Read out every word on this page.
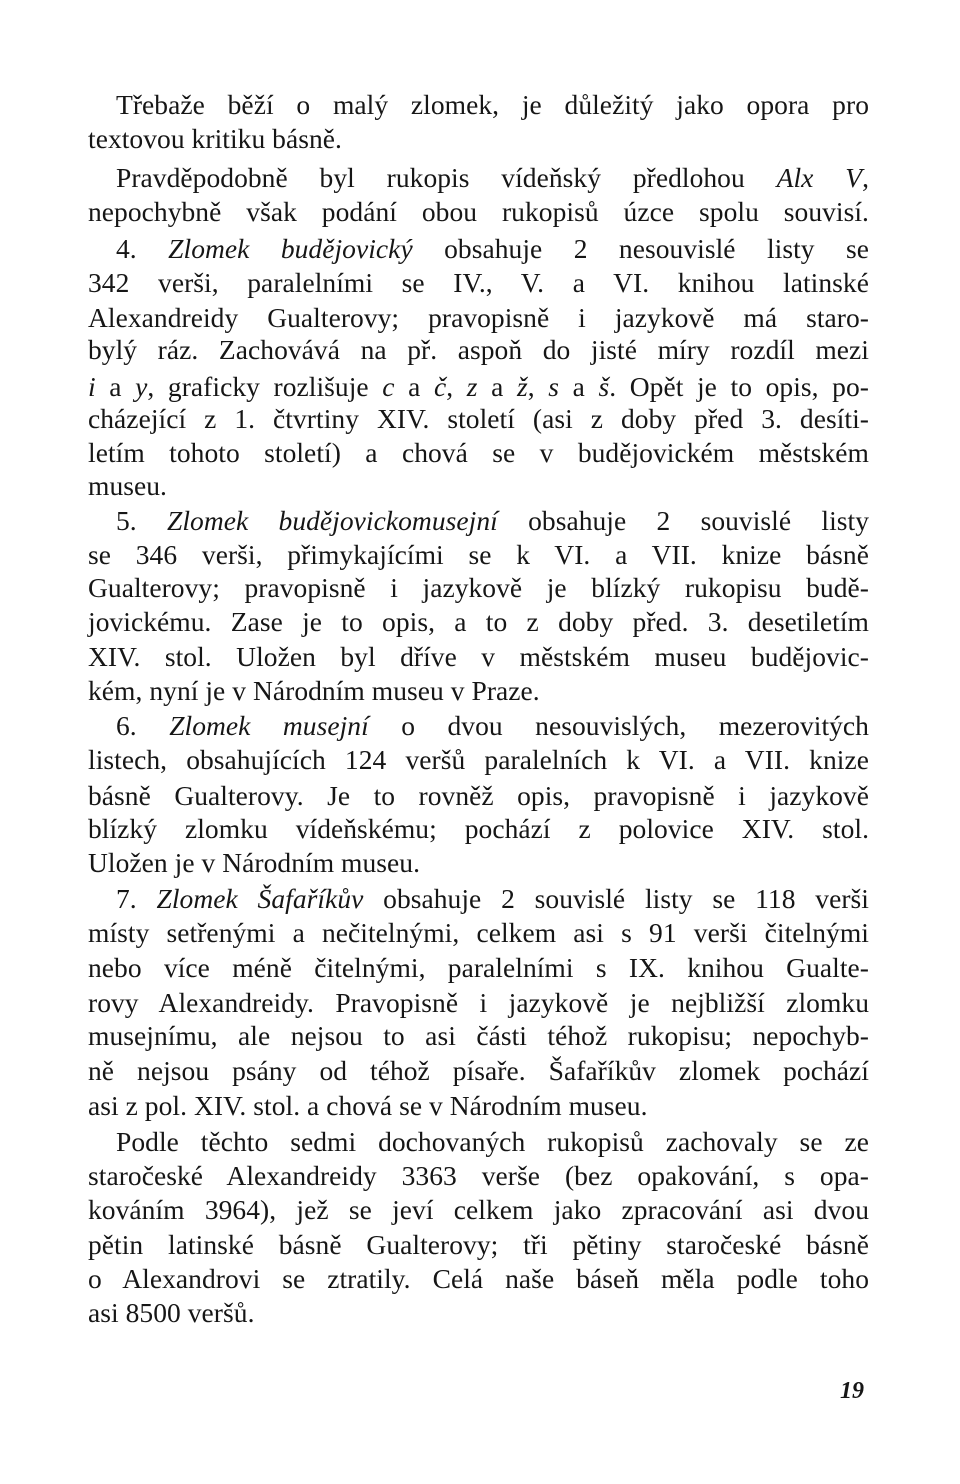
Třebaže běží o malý zlomek, je důležitý jako opora pro
textovou kritiku básně.
Pravděpodobně byl rukopis vídeňský předlohou Alx V,
nepochybně však podání obou rukopisů úzce spolu souvisí.
4. Zlomek budějovický obsahuje 2 nesouvislé listy se
342 verši, paralelními se IV., V. a VI. knihou latinské
Alexandreidy Gualterovy; pravopisně i jazykově má staro-
bylý ráz. Zachovává na př. aspoň do jisté míry rozdíl mezi
i a y, graficky rozlišuje c a č, z a ž, s a š. Opět je to opis, po-
cházející z 1. čtvrtiny XIV. století (asi z doby před 3. desíti-
letím tohoto století) a chová se v budějovickém městském
museu.
5. Zlomek budějovickomusejní obsahuje 2 souvislé listy
se 346 verši, přimykajícími se k VI. a VII. knize básně
Gualterovy; pravopisně i jazykově je blízký rukopisu budě-
jovickému. Zase je to opis, a to z doby před. 3. desetiletím
XIV. stol. Uložen byl dříve v městském museu budějovic-
kém, nyní je v Národním museu v Praze.
6. Zlomek musejní o dvou nesouvislých, mezerovitých
listech, obsahujících 124 veršů paralelních k VI. a VII. knize
básně Gualterovy. Je to rovněž opis, pravopisně i jazykově
blízký zlomku vídeňskému; pochází z polovice XIV. stol.
Uložen je v Národním museu.
7. Zlomek Šafaříkův obsahuje 2 souvislé listy se 118 verši
místy setřenými a nečitelnými, celkem asi s 91 verši čitelnými
nebo více méně čitelnými, paralelními s IX. knihou Gualte-
rovy Alexandreidy. Pravopisně i jazykově je nejbližší zlomku
musejnímu, ale nejsou to asi části téhož rukopisu; nepochyb-
ně nejsou psány od téhož písaře. Šafaříkův zlomek pochází
asi z pol. XIV. stol. a chová se v Národním museu.
Podle těchto sedmi dochovaných rukopisů zachovaly se ze
staročeské Alexandreidy 3363 verše (bez opakování, s opa-
kováním 3964), jež se jeví celkem jako zpracování asi dvou
pětin latinské básně Gualterovy; tři pětiny staročeské básně
o Alexandrovi se ztratily. Celá naše báseň měla podle toho
asi 8500 veršů.
19
